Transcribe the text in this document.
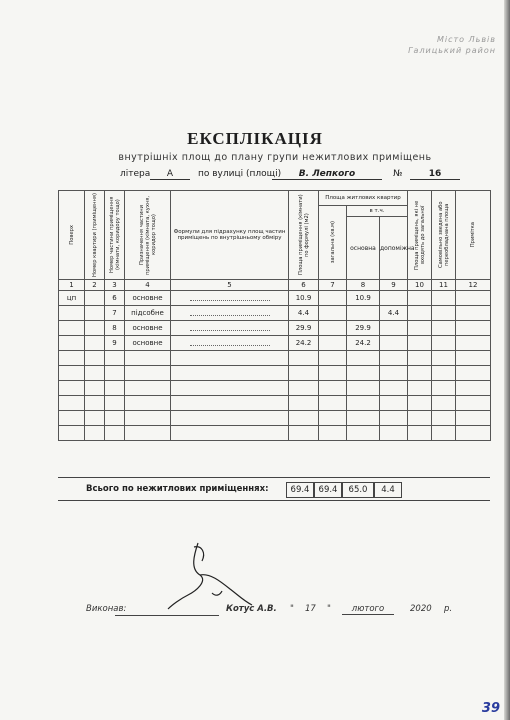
Місто Львів
Галицький район
ЕКСПЛІКАЦІЯ
внутрішніх площ до плану групи нежитлових приміщень
літера	А	по вулиці (площі)	В. Лепкого	№	16
Поверх	Номер квартири (приміщення)	Номер частини приміщення (кімнати, коридору тощо)	Призначення частини приміщення (кімната, кухня, коридор тощо)	Формули для підрахунку площ частин приміщень по внутрішньому обміру	Площа приміщення (кімнати) по формулі (м2)	Площа житлових квартир			Площа приміщень, які не входять до загальної	Самовільно зведена або переобладнана площа	Примітка

						загальна (кв.м)	в т.ч.				
							основна	допоміжна			
1	2	3	4	5	6	7	8	9	10	11	12
цп		6	основне		10.9		10.9				
		7	підсобне		4.4			4.4			
		8	основне		29.9		29.9				
		9	основне		24.2		24.2				

Всього по нежитлових приміщеннях:	69.4	69.4	65.0	4.4
Виконав:	Котус А.В. " 17 "	лютого	2020 р.
39
